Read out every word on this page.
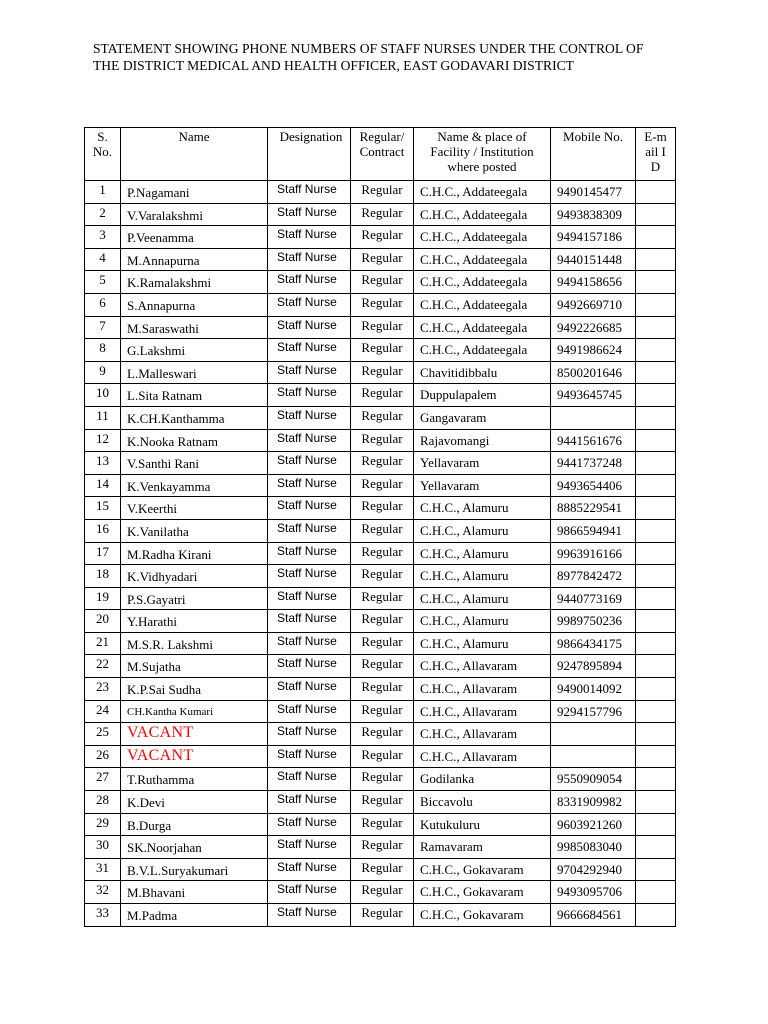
STATEMENT SHOWING PHONE NUMBERS OF STAFF NURSES UNDER THE CONTROL OF
THE DISTRICT MEDICAL AND HEALTH OFFICER, EAST GODAVARI DISTRICT
S. No.	Name	Designation	Regular/ Contract	Name & place of Facility / Institution where posted	Mobile No.	E-mail ID
1	P.Nagamani	Staff Nurse	Regular	C.H.C., Addateegala	9490145477	
2	V.Varalakshmi	Staff Nurse	Regular	C.H.C., Addateegala	9493838309	
3	P.Veenamma	Staff Nurse	Regular	C.H.C., Addateegala	9494157186	
4	M.Annapurna	Staff Nurse	Regular	C.H.C., Addateegala	9440151448	
5	K.Ramalakshmi	Staff Nurse	Regular	C.H.C., Addateegala	9494158656	
6	S.Annapurna	Staff Nurse	Regular	C.H.C., Addateegala	9492669710	
7	M.Saraswathi	Staff Nurse	Regular	C.H.C., Addateegala	9492226685	
8	G.Lakshmi	Staff Nurse	Regular	C.H.C., Addateegala	9491986624	
9	L.Malleswari	Staff Nurse	Regular	Chavitidibbalu	8500201646	
10	L.Sita Ratnam	Staff Nurse	Regular	Duppulapalem	9493645745	
11	K.CH.Kanthamma	Staff Nurse	Regular	Gangavaram		
12	K.Nooka Ratnam	Staff Nurse	Regular	Rajavomangi	9441561676	
13	V.Santhi Rani	Staff Nurse	Regular	Yellavaram	9441737248	
14	K.Venkayamma	Staff Nurse	Regular	Yellavaram	9493654406	
15	V.Keerthi	Staff Nurse	Regular	C.H.C., Alamuru	8885229541	
16	K.Vanilatha	Staff Nurse	Regular	C.H.C., Alamuru	9866594941	
17	M.Radha Kirani	Staff Nurse	Regular	C.H.C., Alamuru	9963916166	
18	K.Vidhyadari	Staff Nurse	Regular	C.H.C., Alamuru	8977842472	
19	P.S.Gayatri	Staff Nurse	Regular	C.H.C., Alamuru	9440773169	
20	Y.Harathi	Staff Nurse	Regular	C.H.C., Alamuru	9989750236	
21	M.S.R. Lakshmi	Staff Nurse	Regular	C.H.C., Alamuru	9866434175	
22	M.Sujatha	Staff Nurse	Regular	C.H.C., Allavaram	9247895894	
23	K.P.Sai Sudha	Staff Nurse	Regular	C.H.C., Allavaram	9490014092	
24	CH.Kantha Kumari	Staff Nurse	Regular	C.H.C., Allavaram	9294157796	
25	VACANT	Staff Nurse	Regular	C.H.C., Allavaram		
26	VACANT	Staff Nurse	Regular	C.H.C., Allavaram		
27	T.Ruthamma	Staff Nurse	Regular	Godilanka	9550909054	
28	K.Devi	Staff Nurse	Regular	Biccavolu	8331909982	
29	B.Durga	Staff Nurse	Regular	Kutukuluru	9603921260	
30	SK.Noorjahan	Staff Nurse	Regular	Ramavaram	9985083040	
31	B.V.L.Suryakumari	Staff Nurse	Regular	C.H.C., Gokavaram	9704292940	
32	M.Bhavani	Staff Nurse	Regular	C.H.C., Gokavaram	9493095706	
33	M.Padma	Staff Nurse	Regular	C.H.C., Gokavaram	9666684561	
